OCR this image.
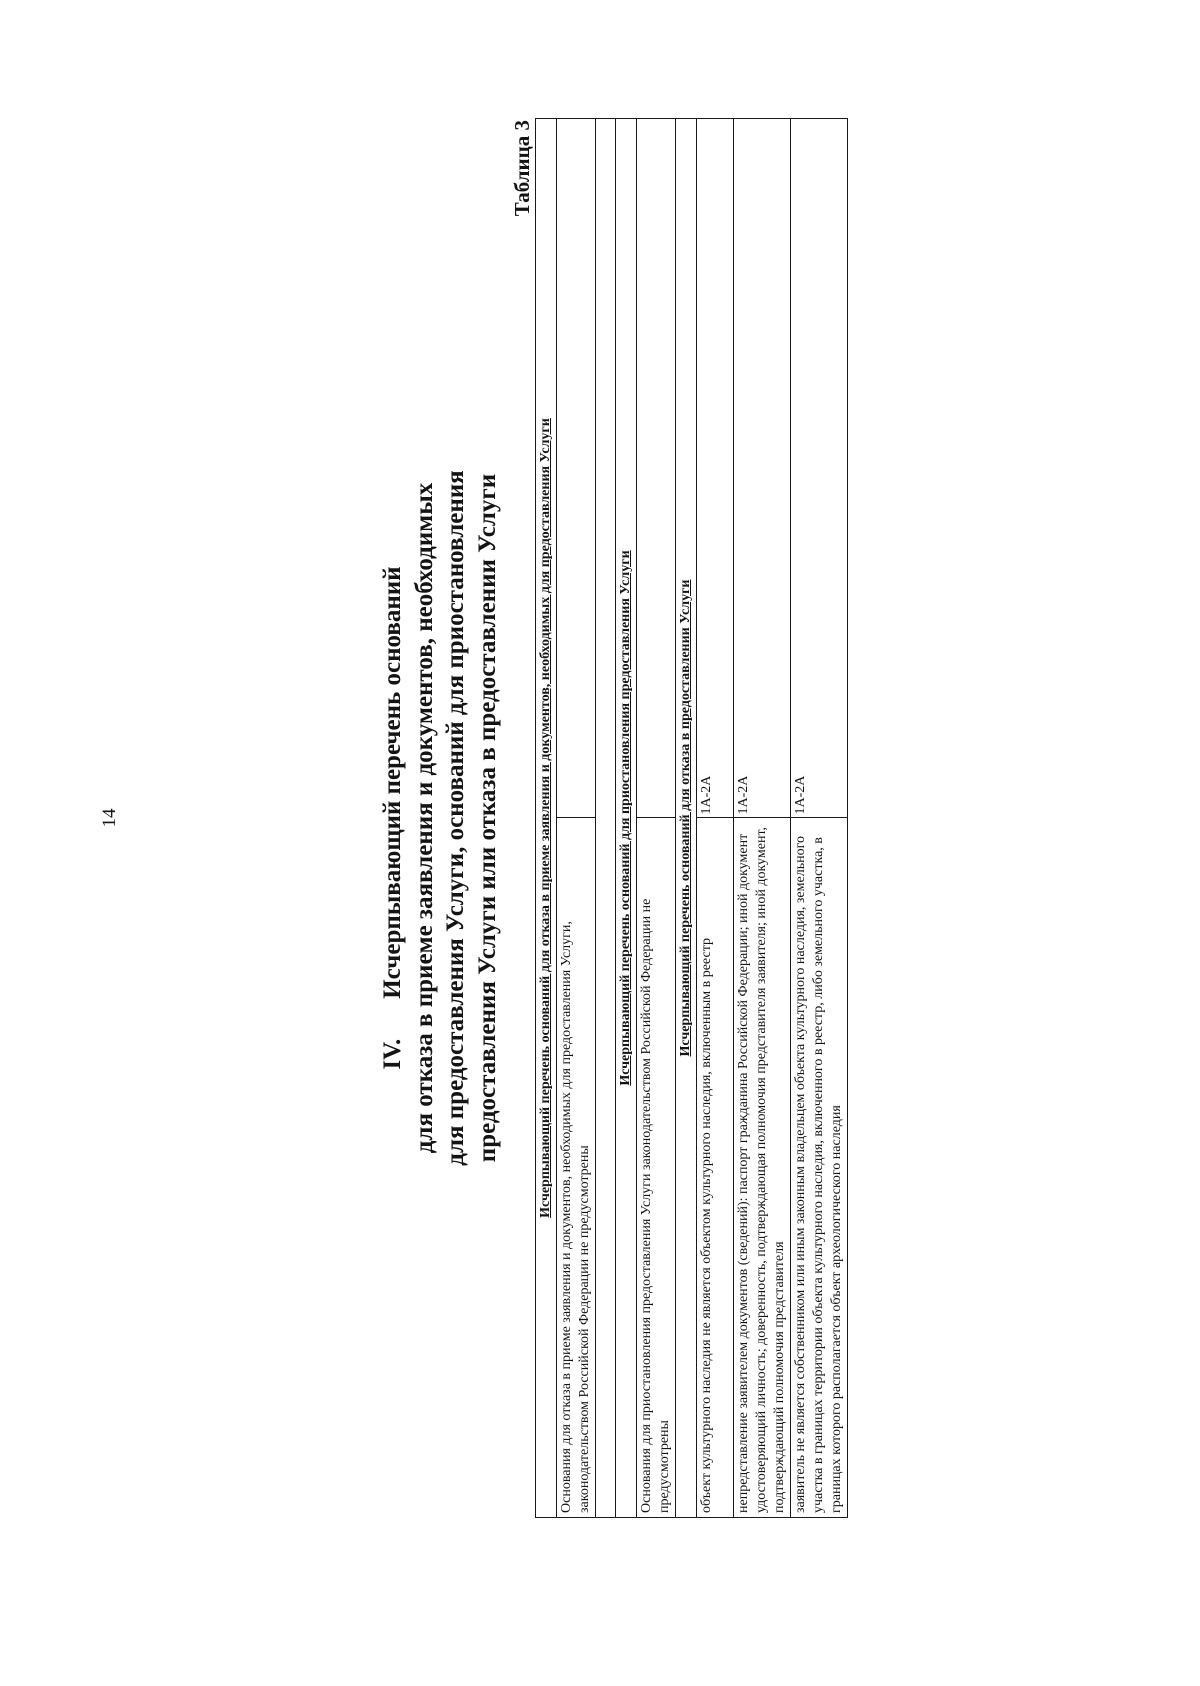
14
IV.Исчерпывающий перечень оснований для отказа в приеме заявления и документов, необходимых для предоставления Услуги, оснований для приостановления предоставления Услуги или отказа в предоставлении Услуги
Таблица 3
Исчерпывающий перечень оснований для отказа в приеме заявления и документов, необходимых для предоставления Услуги	
Основания для отказа в приеме заявления и документов, необходимых для предоставления Услуги, законодательством Российской Федерации не предусмотрены	

Исчерпывающий перечень оснований для приостановления предоставления Услуги	
Основания для приостановления предоставления Услуги законодательством Российской Федерации не предусмотрены	
Исчерпывающий перечень оснований для отказа в предоставлении Услуги	
объект культурного наследия не является объектом культурного наследия, включенным в реестр	1А-2А
непредставление заявителем документов (сведений): паспорт гражданина Российской Федерации; иной документ удостоверяющий личность; доверенность, подтверждающая полномочия представителя заявителя; иной документ, подтверждающий полномочия представителя	1А-2А
заявитель не является собственником или иным законным владельцем объекта культурного наследия, земельного участка в границах территории объекта культурного наследия, включенного в реестр, либо земельного участка, в границах которого располагается объект археологического наследия	1А-2А
